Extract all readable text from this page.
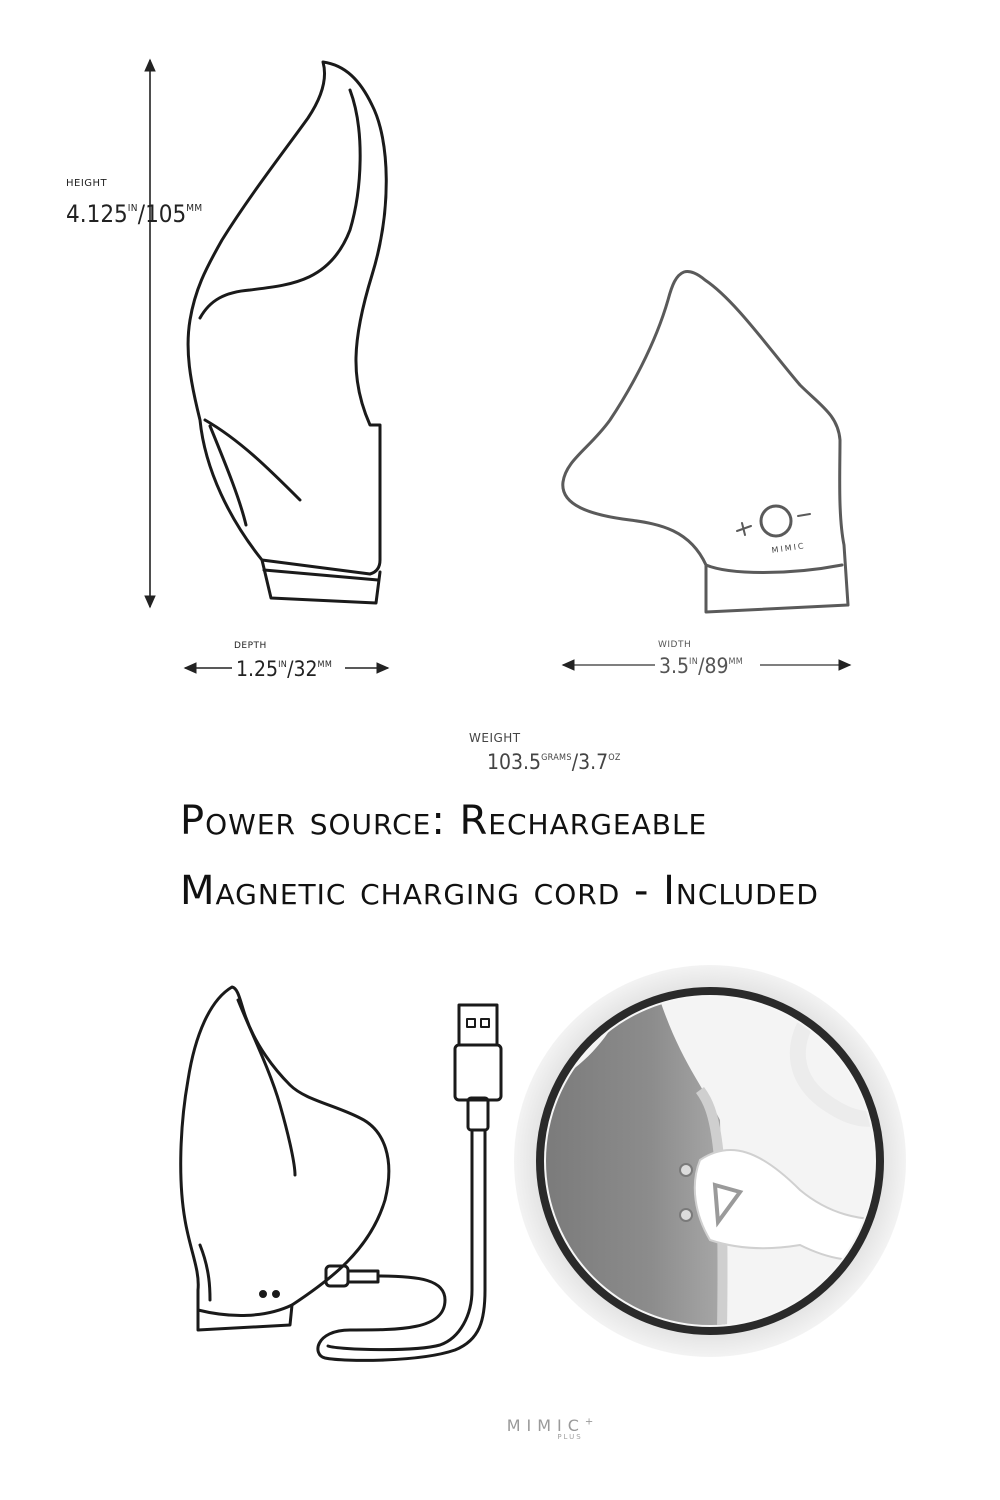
MIMIC
HEIGHT
$4.125^{IN}/105^{MM}$
DEPTH
$1.25^{IN}/32^{MM}$
WIDTH
$3.5^{IN}/89^{MM}$
WEIGHT
$103.5^{GRAMS}/3.7^{OZ}$
Power source: Rechargeable
Magnetic charging cord - Included
MIMIC+
PLUS
